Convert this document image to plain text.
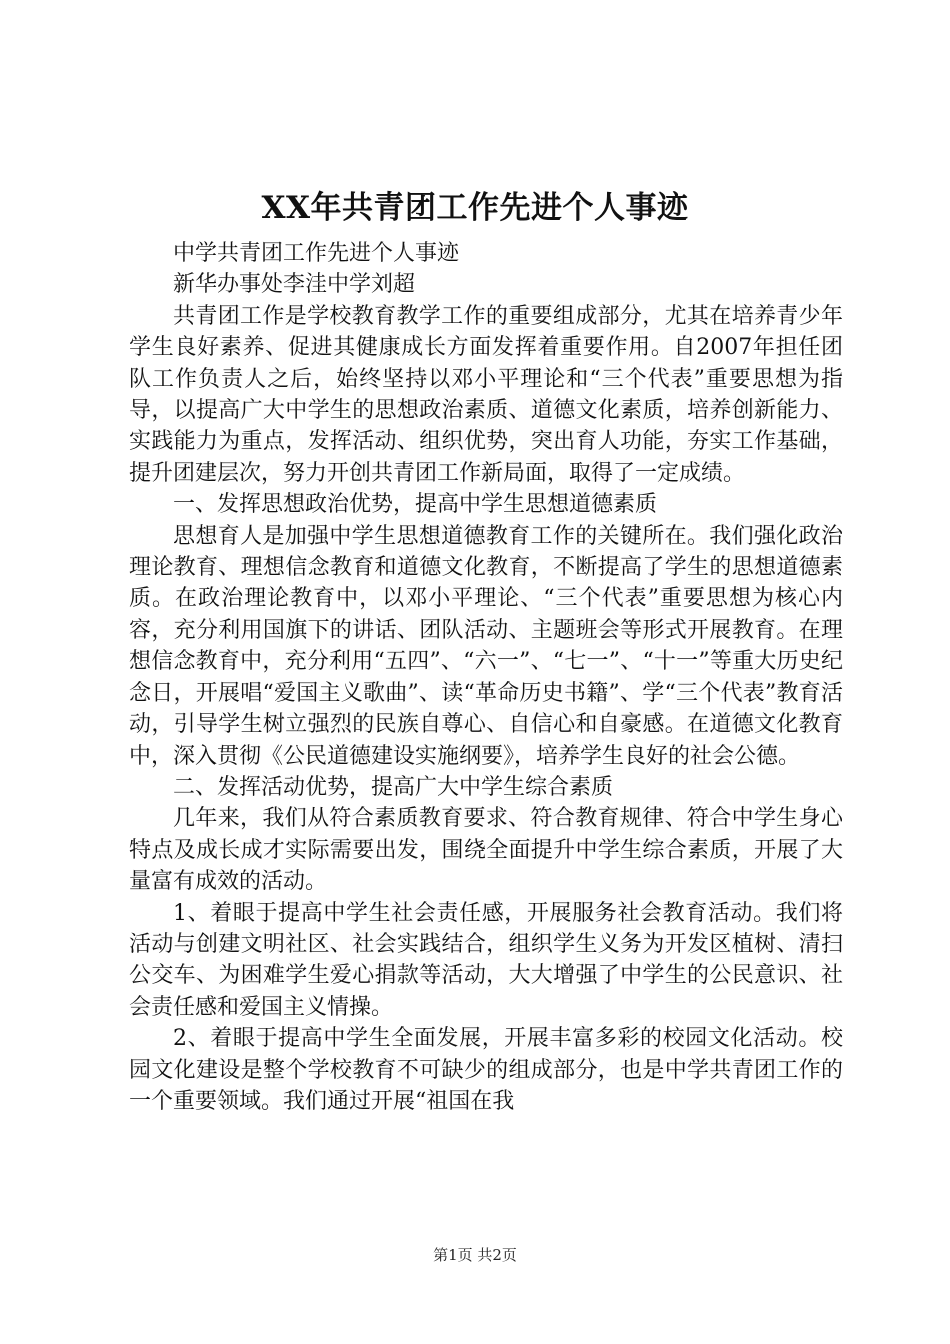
XX年共青团工作先进个人事迹

中学共青团工作先进个人事迹

新华办事处李洼中学刘超

共青团工作是学校教育教学工作的重要组成部分，尤其在培养青少年学生良好素养、促进其健康成长方面发挥着重要作用。自2007年担任团队工作负责人之后，始终坚持以邓小平理论和“三个代表”重要思想为指导，以提高广大中学生的思想政治素质、道德文化素质，培养创新能力、实践能力为重点，发挥活动、组织优势，突出育人功能，夯实工作基础，提升团建层次，努力开创共青团工作新局面，取得了一定成绩。

一、发挥思想政治优势，提高中学生思想道德素质

思想育人是加强中学生思想道德教育工作的关键所在。我们强化政治理论教育、理想信念教育和道德文化教育，不断提高了学生的思想道德素质。在政治理论教育中，以邓小平理论、“三个代表”重要思想为核心内容，充分利用国旗下的讲话、团队活动、主题班会等形式开展教育。在理想信念教育中，充分利用“五四”、“六一”、“七一”、“十一”等重大历史纪念日，开展唱“爱国主义歌曲”、读“革命历史书籍”、学“三个代表”教育活动，引导学生树立强烈的民族自尊心、自信心和自豪感。在道德文化教育中，深入贯彻《公民道德建设实施纲要》，培养学生良好的社会公德。

二、发挥活动优势，提高广大中学生综合素质

几年来，我们从符合素质教育要求、符合教育规律、符合中学生身心特点及成长成才实际需要出发，围绕全面提升中学生综合素质，开展了大量富有成效的活动。

1、着眼于提高中学生社会责任感，开展服务社会教育活动。我们将活动与创建文明社区、社会实践结合，组织学生义务为开发区植树、清扫公交车、为困难学生爱心捐款等活动，大大增强了中学生的公民意识、社会责任感和爱国主义情操。

2、着眼于提高中学生全面发展，开展丰富多彩的校园文化活动。校园文化建设是整个学校教育不可缺少的组成部分，也是中学共青团工作的一个重要领域。我们通过开展“祖国在我

第1页 共2页
